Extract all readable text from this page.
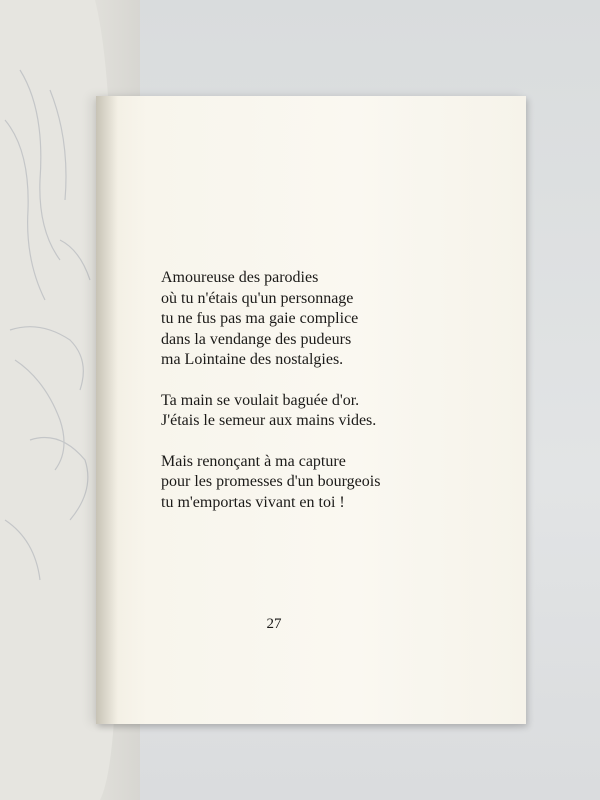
Amoureuse des parodies
où tu n'étais qu'un personnage
tu ne fus pas ma gaie complice
dans la vendange des pudeurs
ma Lointaine des nostalgies.
Ta main se voulait baguée d'or.
J'étais le semeur aux mains vides.
Mais renonçant à ma capture
pour les promesses d'un bourgeois
tu m'emportas vivant en toi !
27
